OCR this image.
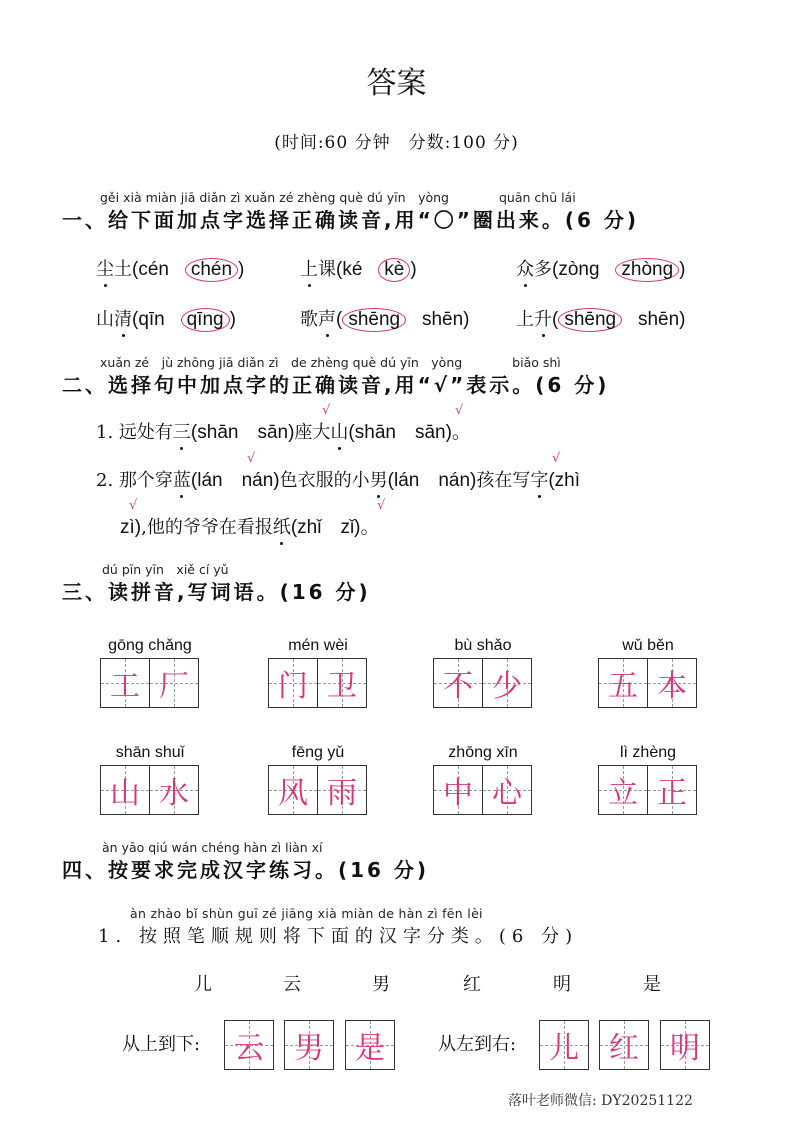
答案
(时间:60 分钟　分数:100 分)
gěi xià miàn jiā diǎn zì xuǎn zé zhèng què dú yīn　yòng　　　　quān chū lái
一、给下面加点字选择正确读音,用“〇”圈出来。(6 分)
尘土(cén chén )	上课(ké kè )	众多(zòng zhòng )
山清(qīn qīng )	歌声( shēng shēn)	上升( shēng shēn)
xuǎn zé　jù zhōng jiā diǎn zì　de zhèng què dú yīn　yòng　　　　biǎo shì
二、选择句中加点字的正确读音,用“√”表示。(6 分)
1. 远处有三(shān　sān)座大山(shān　sān)。
2. 那个穿蓝(lán　nán)色衣服的小男(lán　nán)孩在写字(zhì
zì),他的爷爷在看报纸(zhǐ　zǐ)。
√	√
√	√
√	√
dú pīn yīn　xiě cí yǔ
三、读拼音,写词语。(16 分)
gōng chǎng
工 厂
mén wèi
门 卫
bù shǎo
不 少
wǔ běn
五 本
shān shuǐ
山 水
fēng yǔ
风 雨
zhōng xīn
中 心
lì zhèng
立 正
àn yāo qiú wán chéng hàn zì liàn xí
四、按要求完成汉字练习。(16 分)
àn zhào bǐ shùn guī zé jiāng xià miàn de hàn zì fēn lèi
1. 按照笔顺规则将下面的汉字分类。(6 分)
儿	云	男	红	明	是
从上到下:	从左到右:
云 男 是	儿 红 明
落叶老师微信: DY20251122
